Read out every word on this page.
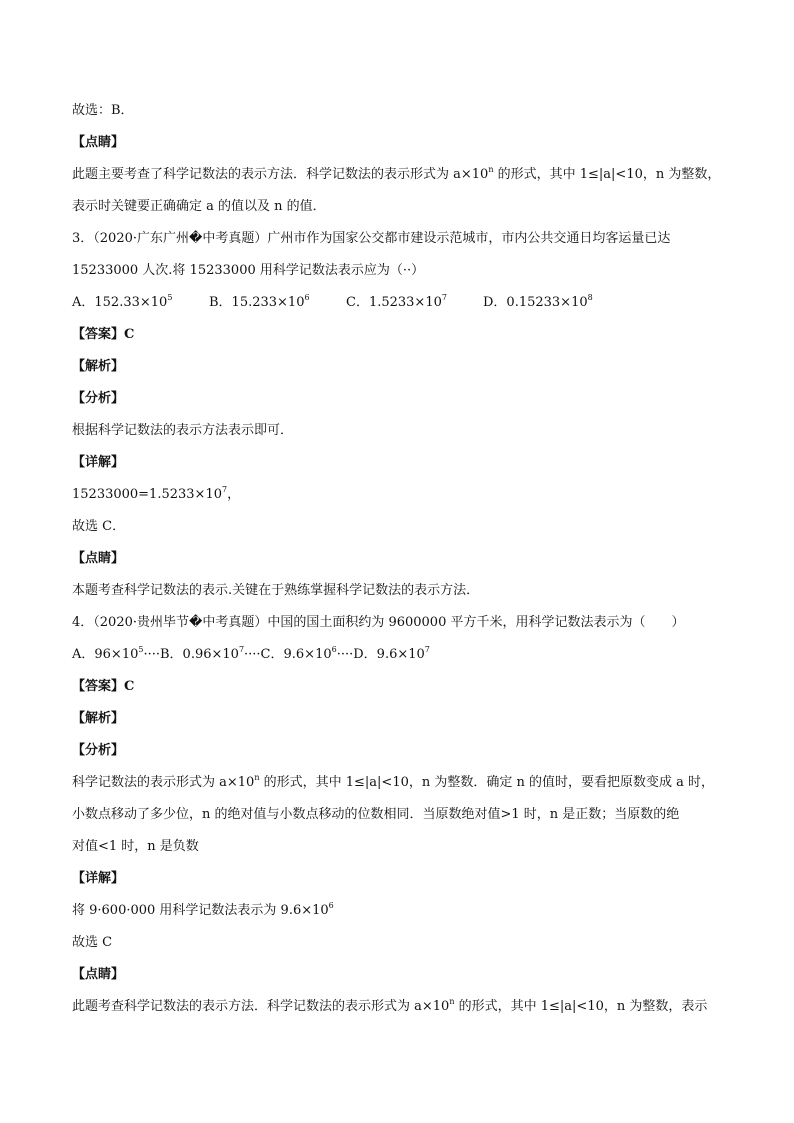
故选：B．
【点睛】
此题主要考查了科学记数法的表示方法．科学记数法的表示形式为 $a\times 10^n$ 的形式，其中 1≤|a|<10，n 为整数，
表示时关键要正确确定 a 的值以及 n 的值．
3．（2020·广东广州�中考真题）广州市作为国家公交都市建设示范城市，市内公共交通日均客运量已达
15233000 人次.将 15233000 用科学记数法表示应为（··）
A．$152.33\times 10^5$	B．$15.233\times 10^6$	C．$1.5233\times 10^7$	D．$0.15233\times 10^8$
【答案】C
【解析】
【分析】
根据科学记数法的表示方法表示即可．
【详解】
$15233000=1.5233\times 10^7$，
故选 C．
【点睛】
本题考查科学记数法的表示.关键在于熟练掌握科学记数法的表示方法．
4．（2020·贵州毕节�中考真题）中国的国土面积约为 9600000 平方千米，用科学记数法表示为（　　）
A．$96\times 10^5\cdot\cdot\cdot\cdot B$．$0.96\times 10^7\cdot\cdot\cdot\cdot C$．$9.6\times 10^6\cdot\cdot\cdot\cdot D$．$9.6\times 10^7$
【答案】C
【解析】
【分析】
科学记数法的表示形式为 $a\times 10^n$ 的形式，其中 1≤|a|<10，n 为整数．确定 n 的值时，要看把原数变成 a 时，
小数点移动了多少位，n 的绝对值与小数点移动的位数相同．当原数绝对值>1 时，n 是正数；当原数的绝
对值<1 时，n 是负数
【详解】
将 9·600·000 用科学记数法表示为 $9.6\times 10^6$
故选 C
【点睛】
此题考查科学记数法的表示方法．科学记数法的表示形式为 $a\times 10^n$ 的形式，其中 1≤|a|<10，n 为整数，表示
